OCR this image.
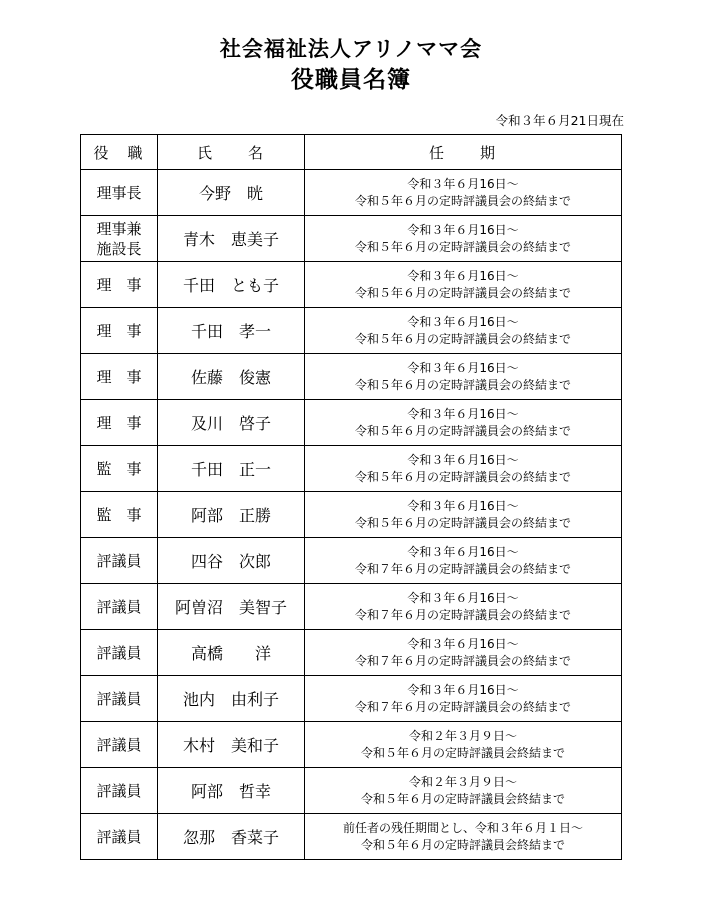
社会福祉法人アリノママ会
役職員名簿
令和３年６月21日現在
役　職	氏　　名	任　　期
理事長	今野　晄	令和３年６月16日～
令和５年６月の定時評議員会の終結まで

理事兼
施設長	青木　恵美子	令和３年６月16日～
令和５年６月の定時評議員会の終結まで

理　事	千田　とも子	令和３年６月16日～
令和５年６月の定時評議員会の終結まで

理　事	千田　孝一	令和３年６月16日～
令和５年６月の定時評議員会の終結まで

理　事	佐藤　俊憲	令和３年６月16日～
令和５年６月の定時評議員会の終結まで

理　事	及川　啓子	令和３年６月16日～
令和５年６月の定時評議員会の終結まで

監　事	千田　正一	令和３年６月16日～
令和５年６月の定時評議員会の終結まで

監　事	阿部　正勝	令和３年６月16日～
令和５年６月の定時評議員会の終結まで

評議員	四谷　次郎	令和３年６月16日～
令和７年６月の定時評議員会の終結まで

評議員	阿曽沼　美智子	令和３年６月16日～
令和７年６月の定時評議員会の終結まで

評議員	高橋　　洋	令和３年６月16日～
令和７年６月の定時評議員会の終結まで

評議員	池内　由利子	令和３年６月16日～
令和７年６月の定時評議員会の終結まで

評議員	木村　美和子	令和２年３月９日～
令和５年６月の定時評議員会終結まで

評議員	阿部　哲幸	令和２年３月９日～
令和５年６月の定時評議員会終結まで

評議員	忽那　香菜子	前任者の残任期間とし、令和３年６月１日～
令和５年６月の定時評議員会終結まで
